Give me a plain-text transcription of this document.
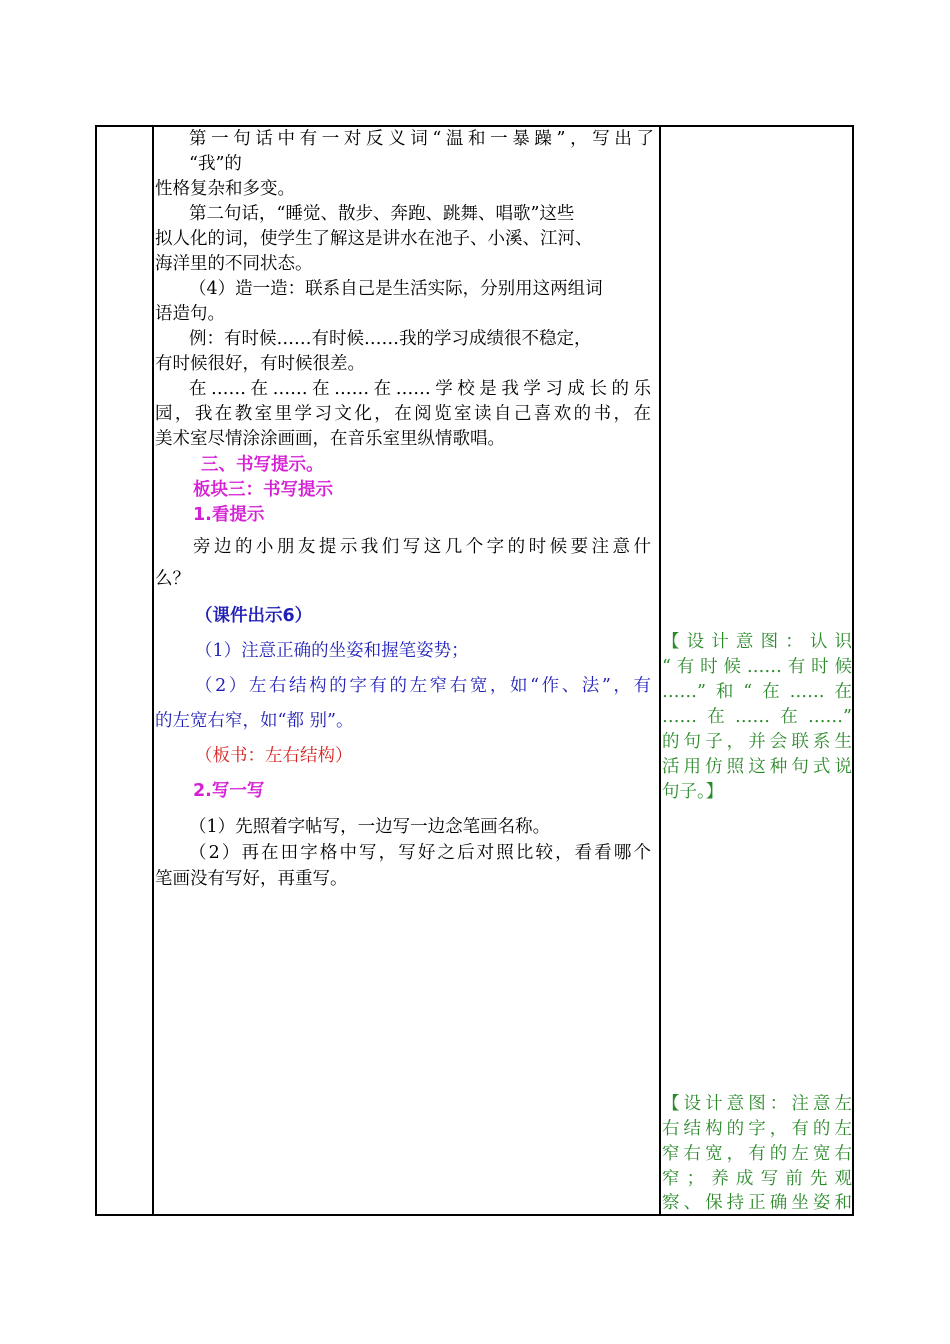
第一句话中有一对反义词“温和一暴躁”，写出了
“我”的
性格复杂和多变。
第二句话，“睡觉、散步、奔跑、跳舞、唱歌”这些
拟人化的词，使学生了解这是讲水在池子、小溪、江河、
海洋里的不同状态。
（4）造一造：联系自己是生活实际，分别用这两组词
语造句。
例：有时候……有时候……我的学习成绩很不稳定，
有时候很好，有时候很差。
在……在……在……在……学校是我学习成长的乐
园，我在教室里学习文化，在阅览室读自己喜欢的书，在
美术室尽情涂涂画画，在音乐室里纵情歌唱。
三、书写提示。
板块三：书写提示
1.看提示
旁边的小朋友提示我们写这几个字的时候要注意什
么？
（课件出示6）
（1）注意正确的坐姿和握笔姿势；
（2）左右结构的字有的左窄右宽，如“作、法”，有
的左宽右窄，如“都 别”。
（板书：左右结构）
2.写一写
（1）先照着字帖写，一边写一边念笔画名称。
（2）再在田字格中写，写好之后对照比较，看看哪个
笔画没有写好，再重写。
【设计意图：认识
“有时候……有时候
……”和“在……在
……在……在……”
的句子，并会联系生
活用仿照这种句式说
句子。】
【设计意图：注意左
右结构的字，有的左
窄右宽，有的左宽右
窄；养成写前先观
察、保持正确坐姿和
